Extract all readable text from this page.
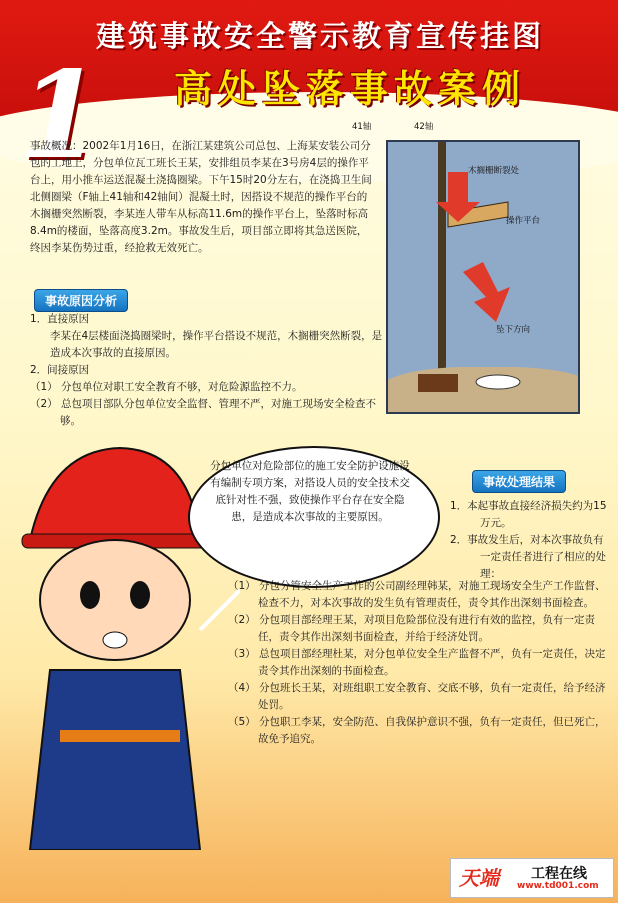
建筑事故安全警示教育宣传挂图
高处坠落事故案例
1
事故概况：2002年1月16日，在浙江某建筑公司总包、上海某安装公司分包的工地上，分包单位瓦工班长王某，安排组员李某在3号房4层的操作平台上，用小推车运送混凝土浇捣圈梁。下午15时20分左右，在浇捣卫生间北侧圈梁（F轴上41轴和42轴间）混凝土时，因搭设不规范的操作平台的木搁栅突然断裂，李某连人带车从标高11.6m的操作平台上，坠落时标高8.4m的楼面，坠落高度3.2m。事故发生后，项目部立即将其急送医院，终因李某伤势过重，经抢救无效死亡。
41轴	42轴
木搁栅断裂处
操作平台
坠下方向
事故原因分析
1．直接原因
李某在4层楼面浇捣圈梁时，操作平台搭设不规范，木搁栅突然断裂，是造成本次事故的直接原因。
2．间接原因
（1） 分包单位对职工安全教育不够，对危险源监控不力。
（2） 总包项目部队分包单位安全监督、管理不严，对施工现场安全检查不够。
分包单位对危险部位的施工安全防护设施没有编制专项方案，对搭设人员的安全技术交底针对性不强，致使操作平台存在安全隐患，是造成本次事故的主要原因。
事故处理结果
1．本起事故直接经济损失约为15万元。
2．事故发生后，对本次事故负有一定责任者进行了相应的处理：
（1） 分包分管安全生产工作的公司副经理韩某，对施工现场安全生产工作监督、检查不力，对本次事故的发生负有管理责任，责令其作出深刻书面检查。
（2） 分包项目部经理王某，对项目危险部位没有进行有效的监控，负有一定责任，责令其作出深刻书面检查，并给于经济处罚。
（3） 总包项目部经理杜某，对分包单位安全生产监督不严，负有一定责任，决定责令其作出深刻的书面检查。
（4） 分包班长王某，对班组职工安全教育、交底不够，负有一定责任，给予经济处罚。
（5） 分包职工李某，安全防范、自我保护意识不强，负有一定责任，但已死亡，故免予追究。
天端 工程在线
www.td001.com
